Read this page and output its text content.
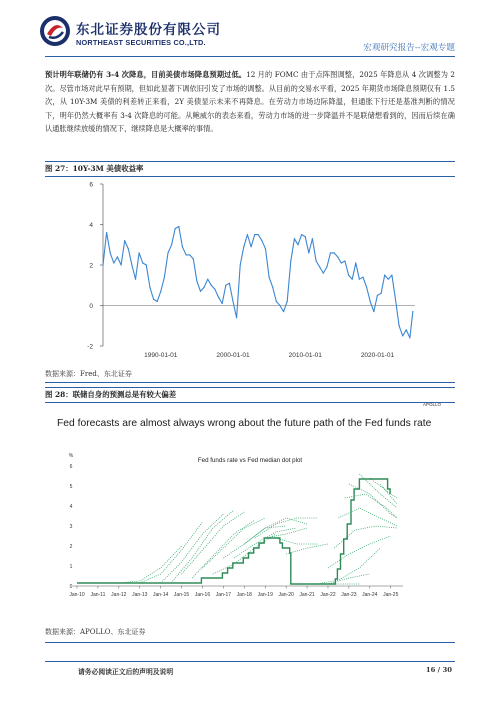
东北证券股份有限公司
NORTHEAST SECURITIES CO.,LTD.
宏观研究报告--宏观专题
预计明年联储仍有 3-4 次降息，目前美债市场降息预期过低。12 月的 FOMC 由于点阵图调整，2025 年降息从 4 次调整为 2 次。尽管市场对此早有预期，但如此显著下调依旧引发了市场的调整。从目前的交易水平看，2025 年期货市场降息预期仅有 1.5 次，从 10Y-3M 美债的利差转正来看，2Y 美债显示未来不再降息。在劳动力市场边际降温，但通胀下行还是基准判断的情况下，明年仍然大概率有 3-4 次降息的可能。从鲍威尔的表态来看，劳动力市场的进一步降温并不是联储想看到的，因而后续在确认通胀继续放缓的情况下，继续降息是大概率的事情。
图 27：10Y-3M 美债收益率
-2
0
2
4
6
1990-01-01	2000-01-01	2010-01-01	2020-01-01
数据来源：Fred、东北证券
图 28：联储自身的预测总是有较大偏差
%
0
1
2
3
4
5
6
Jan-10 Jan-11 Jan-12 Jan-13 Jan-14 Jan-15 Jan-16 Jan-17 Jan-18 Jan-19 Jan-20 Jan-21 Jan-22 Jan-23 Jan-24 Jan-25
APOLLO
Fed forecasts are almost always wrong about the future path of the Fed funds rate
Fed funds rate vs Fed median dot plot
数据来源：APOLLO、东北证券
请务必阅读正文后的声明及说明	16 / 30
